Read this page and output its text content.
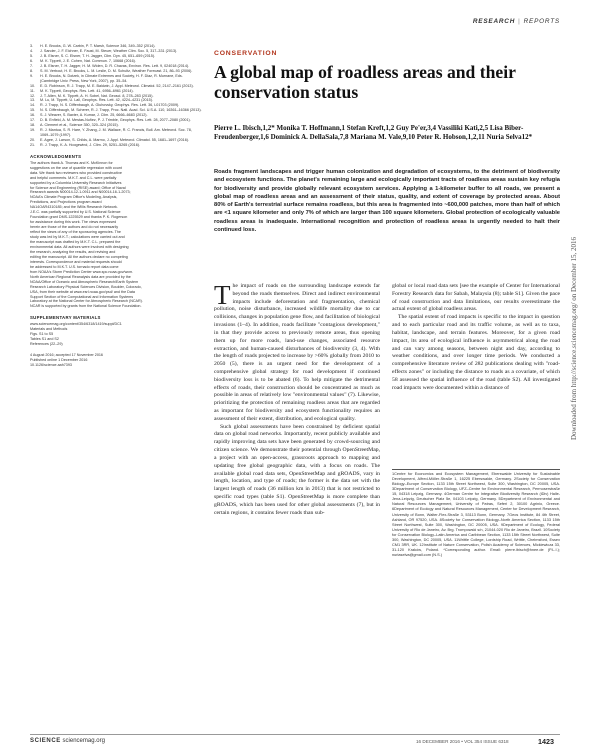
RESEARCH | REPORTS
3.	H. E. Brooks, G. W. Carbin, P. T. Marsh, Science 346, 349–352 (2014).
4.	J. Sander, J. F. Eichner, E. Faust, M. Steuer, Weather Clim. Soc. 5, 317–331 (2013).
5.	J. B. Elsner, S. C. Elsner, T. H. Jagger, Clim. Dyn. 45, 651–659 (2015).
6.	M. K. Tippett, J. E. Cohen, Nat. Commun. 7, 10668 (2016).
7.	J. B. Elsner, T. H. Jagger, H. M. Widen, D. R. Chavas, Environ. Res. Lett. 9, 024018 (2014).
8.	S. M. Verbout, H. E. Brooks, L. M. Leslie, D. M. Schultz, Weather Forecast. 21, 86–93 (2006).
9.	H. E. Brooks, N. Dotzek, in Climate Extremes and Society, H. F. Diaz, R. Murnane, Eds. (Cambridge Univ. Press, New York, 2007), pp. 35–54.
10.	E. D. Robinson, R. J. Trapp, M. E. Baldwin, J. Appl. Meteorol. Climatol. 52, 2147–2161 (2013).
11.	M. K. Tippett, Geophys. Res. Lett. 41, 6956–6961 (2014).
12.	J. T. Allen, M. K. Tippett, A. H. Sobel, Nat. Geosci. 8, 278–283 (2015).
13.	M. Lu, M. Tippett, U. Lall, Geophys. Res. Lett. 42, 4224–4231 (2015).
14.	R. J. Trapp, N. S. Diffenbaugh, A. Gluhovsky, Geophys. Res. Lett. 36, L01703 (2009).
15.	N. S. Diffenbaugh, M. Scherer, R. J. Trapp, Proc. Natl. Acad. Sci. U.S.A. 110, 16361–16366 (2013).
16.	S. J. Weaver, S. Baxter, A. Kumar, J. Clim. 25, 6666–6683 (2012).
17.	D. B. Enfield, A. M. Mestas-Nuñez, P. J. Trimble, Geophys. Res. Lett. 28, 2077–2080 (2001).
18.	A. Clement et al., Science 350, 320–324 (2015).
19.	R. J. Mantua, S. R. Hare, Y. Zhang, J. M. Wallace, R. C. Francis, Bull. Am. Meteorol. Soc. 78, 1069–1079 (1997).
20.	E. Agee, J. Larson, S. Childs, A. Marmo, J. Appl. Meteorol. Climatol. 55, 1681–1697 (2016).
21.	R. J. Trapp, K. A. Hoogewind, J. Clim. 29, 5251–5265 (2016).
ACKNOWLEDGMENTS
The authors thank A. Thomas and K. McKinnon for
suggestions on the use of quantile regression with count
data. We thank two reviewers who provided constructive
and helpful comments. M.K.T. and C.L. were partially
supported by a Columbia University Research Initiatives
for Science and Engineering (RISE) award; Office of Naval
Research awards N00014-12-1-0911 and N00014-16-1-2073;
NOAA's Climate Program Office's Modeling, Analysis,
Predictions, and Projections program award
NA14OAR4310185; and the Willis Research Network.
J.E.C. was partially supported by U.S. National Science
Foundation grant DMS-1225529 and thanks P. K. Rogerson
for assistance during this work. The views expressed
herein are those of the authors and do not necessarily
reflect the views of any of the sponsoring agencies. The
study was led by M.K.T.; calculations were carried out and
the manuscript was drafted by M.K.T. C.L. prepared the
environmental data. All authors were involved with designing
the research, analyzing the results, and revising and
editing the manuscript. All the authors declare no competing
interests. Correspondence and material requests should
be addressed to M.K.T. U.S. tornado report data come
from NOAA's Storm Prediction Center www.spc.noaa.gov/wcm.
North American Regional Reanalysis data are provided by the
NOAA/Office of Oceanic and Atmospheric Research/Earth System
Research Laboratory Physical Sciences Division, Boulder, Colorado,
USA, from their website at www.esrl.noaa.gov/psd/ and the Data
Support Section of the Computational and Information Systems
Laboratory at the National Center for Atmospheric Research (NCAR).
NCAR is supported by grants from the National Science Foundation.
SUPPLEMENTARY MATERIALS
www.sciencemag.org/content/354/6318/1419/suppl/DC1
Materials and Methods
Figs. S1 to S5
Tables S1 and S2
References (22–29)
4 August 2016; accepted 17 November 2016
Published online 1 December 2016
10.1126/science.aah7393
CONSERVATION
A global map of roadless areas and their conservation status
Pierre L. Ibisch,1,2* Monika T. Hoffmann,1 Stefan Kreft,1,2 Guy Pe'er,3,4 Vassiliki Kati,2,5 Lisa Biber-Freudenberger,1,6 Dominick A. DellaSala,7,8 Mariana M. Vale,9,10 Peter R. Hobson,1,2,11 Nuria Selva12*
Roads fragment landscapes and trigger human colonization and degradation of ecosystems, to the detriment of biodiversity and ecosystem functions. The planet's remaining large and ecologically important tracts of roadless areas sustain key refugia for biodiversity and provide globally relevant ecosystem services. Applying a 1-kilometer buffer to all roads, we present a global map of roadless areas and an assessment of their status, quality, and extent of coverage by protected areas. About 80% of Earth's terrestrial surface remains roadless, but this area is fragmented into ~600,000 patches, more than half of which are <1 square kilometer and only 7% of which are larger than 100 square kilometers. Global protection of ecologically valuable roadless areas is inadequate. International recognition and protection of roadless areas is urgently needed to halt their continued loss.
T he impact of roads on the surrounding landscape extends far beyond the roads themselves. Direct and indirect environmental impacts include deforestation and fragmentation, chemical pollution, noise disturbance, increased wildlife mortality due to car collisions, changes in population gene flow, and facilitation of biological invasions (1–4). In addition, roads facilitate "contagious development," in that they provide access to previously remote areas, thus opening them up for more roads, land-use changes, associated resource extraction, and human-caused disturbances of biodiversity (3, 4). With the length of roads projected to increase by >60% globally from 2010 to 2050 (5), there is an urgent need for the development of a comprehensive global strategy for road development if continued biodiversity loss is to be abated (6). To help mitigate the detrimental effects of roads, their construction should be concentrated as much as possible in areas of relatively low "environmental values" (7). Likewise, prioritizing the protection of remaining roadless areas that are regarded as important for biodiversity and ecosystem functionality requires an assessment of their extent, distribution, and ecological quality.

Such global assessments have been constrained by deficient spatial data on global road networks. Importantly, recent publicly available and rapidly improving data sets have been generated by crowd-sourcing and citizen science. We demonstrate their potential through OpenStreetMap, a project with an open-access, grassroots approach to mapping and updating free global geographic data, with a focus on roads. The available global road data sets, OpenStreetMap and gROADS, vary in length, location, and type of roads; the former is the data set with the largest length of roads (36 million km in 2013) that is not restricted to specific road types (table S1). OpenStreetMap is more complete than gROADS, which has been used for other global assessments (7), but in certain regions, it contains fewer roads than sub-

global or local road data sets [see the example of Center for International Forestry Research data for Sabah, Malaysia (8); table S1]. Given the pace of road construction and data limitations, our results overestimate the actual extent of global roadless areas.

The spatial extent of road impacts is specific to the impact in question and to each particular road and its traffic volume, as well as to taxa, habitat, landscape, and terrain features. Moreover, for a given road impact, its area of ecological influence is asymmetrical along the road and can vary among seasons, between night and day, according to weather conditions, and over longer time periods. We conducted a comprehensive literature review of 282 publications dealing with "road-effects zones" or including the distance to roads as a covariate, of which 58 assessed the spatial influence of the road (table S2). All investigated road impacts were documented within a distance of

1Centre for Economics and Ecosystem Management, Eberswalde University for Sustainable Development, Alfred-Möller-Straße 1, 16225 Eberswalde, Germany. 2Society for Conservation Biology–Europe Section, 1133 15th Street Northwest, Suite 300, Washington, DC 20005, USA. 3Department of Conservation Biology, UFZ–Centre for Environmental Research, Permoserstraße 15, 04318 Leipzig, Germany. 4German Centre for Integrative Biodiversity Research (iDiv) Halle-Jena-Leipzig, Deutscher Platz 5e, 04103 Leipzig, Germany. 5Department of Environmental and Natural Resources Management, University of Patras, Seferi 2, 30100 Agrinio, Greece. 6Department of Ecology and Natural Resources Management, Center for Development Research, University of Bonn, Walter-Flex-Straße 3, 53113 Bonn, Germany. 7Geos Institute, 84 4th Street, Ashland, OR 97520, USA. 8Society for Conservation Biology–North America Section, 1133 15th Street Northwest, Suite 300, Washington, DC 20005, USA. 9Department of Ecology, Federal University of Rio de Janeiro, Av. Brg. Trompowski s/n, 21044-020 Rio de Janeiro, Brazil. 10Society for Conservation Biology–Latin America and Caribbean Section, 1133 15th Street Northwest, Suite 300, Washington, DC 20005, USA. 11Writtle College, Lordship Road, Writtle, Chelmsford, Essex CM1 3RR, UK. 12Institute of Nature Conservation, Polish Academy of Sciences, Mickiewicza 33, 31-120 Kraków, Poland. *Corresponding author. Email: pierre.ibisch@hnee.de (P.L.I.); nuriaselva@gmail.com (N.S.)
Downloaded from http://science.sciencemag.org/ on December 15, 2016
SCIENCE sciencemag.org	16 DECEMBER 2016 • VOL 354 ISSUE 6318	1423
